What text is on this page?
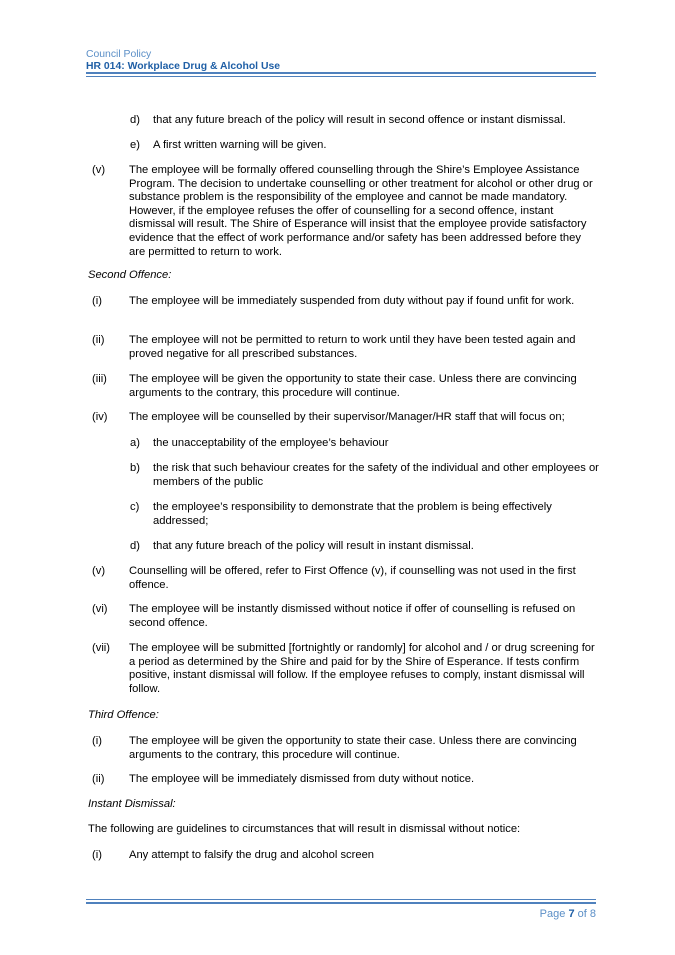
Council Policy
HR 014: Workplace Drug & Alcohol Use
d) that any future breach of the policy will result in second offence or instant dismissal.
e) A first written warning will be given.
(v) The employee will be formally offered counselling through the Shire’s Employee Assistance Program. The decision to undertake counselling or other treatment for alcohol or other drug or substance problem is the responsibility of the employee and cannot be made mandatory. However, if the employee refuses the offer of counselling for a second offence, instant dismissal will result. The Shire of Esperance will insist that the employee provide satisfactory evidence that the effect of work performance and/or safety has been addressed before they are permitted to return to work.
Second Offence:
(i) The employee will be immediately suspended from duty without pay if found unfit for work.
(ii) The employee will not be permitted to return to work until they have been tested again and proved negative for all prescribed substances.
(iii) The employee will be given the opportunity to state their case. Unless there are convincing arguments to the contrary, this procedure will continue.
(iv) The employee will be counselled by their supervisor/Manager/HR staff that will focus on;
a) the unacceptability of the employee’s behaviour
b) the risk that such behaviour creates for the safety of the individual and other employees or members of the public
c) the employee’s responsibility to demonstrate that the problem is being effectively addressed;
d) that any future breach of the policy will result in instant dismissal.
(v) Counselling will be offered, refer to First Offence (v), if counselling was not used in the first offence.
(vi) The employee will be instantly dismissed without notice if offer of counselling is refused on second offence.
(vii) The employee will be submitted [fortnightly or randomly] for alcohol and / or drug screening for a period as determined by the Shire and paid for by the Shire of Esperance. If tests confirm positive, instant dismissal will follow. If the employee refuses to comply, instant dismissal will follow.
Third Offence:
(i) The employee will be given the opportunity to state their case. Unless there are convincing arguments to the contrary, this procedure will continue.
(ii) The employee will be immediately dismissed from duty without notice.
Instant Dismissal:
The following are guidelines to circumstances that will result in dismissal without notice:
(i) Any attempt to falsify the drug and alcohol screen
Page 7 of 8
